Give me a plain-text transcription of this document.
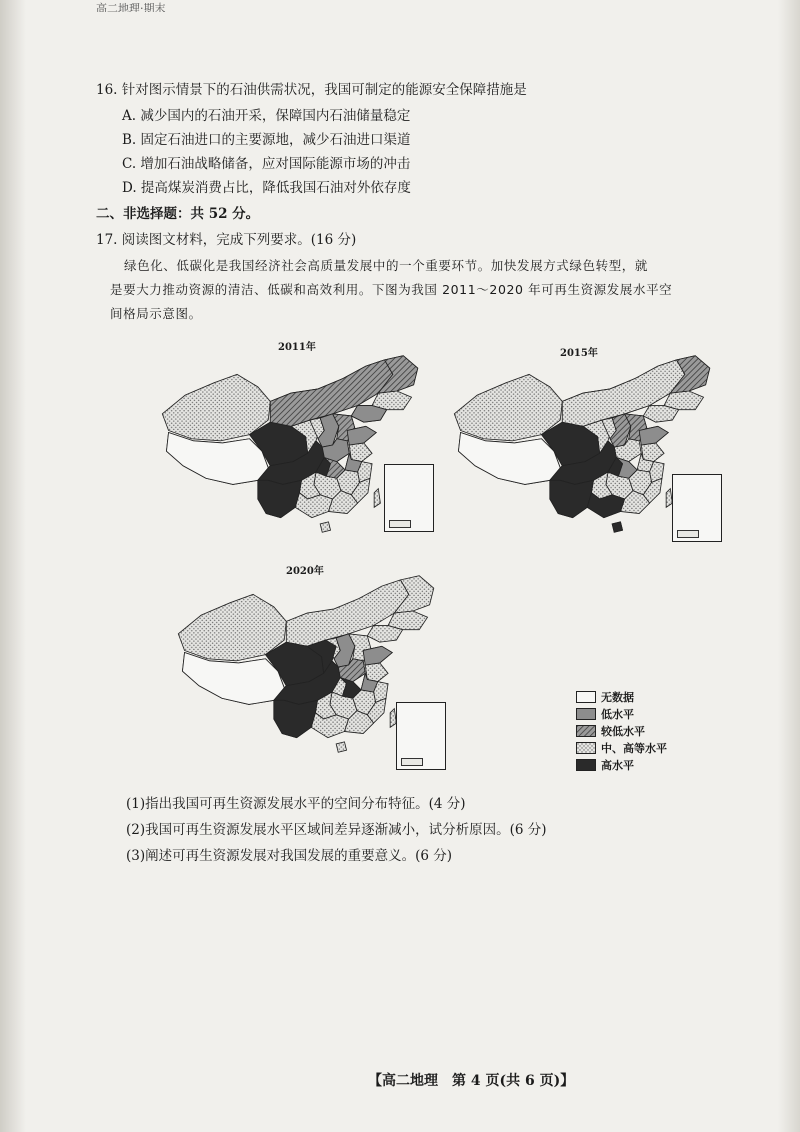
高二地理·期末
16. 针对图示情景下的石油供需状况，我国可制定的能源安全保障措施是
A. 减少国内的石油开采，保障国内石油储量稳定
B. 固定石油进口的主要源地，减少石油进口渠道
C. 增加石油战略储备，应对国际能源市场的冲击
D. 提高煤炭消费占比，降低我国石油对外依存度
二、非选择题：共 52 分。
17. 阅读图文材料，完成下列要求。(16 分)
绿色化、低碳化是我国经济社会高质量发展中的一个重要环节。加快发展方式绿色转型，就
是要大力推动资源的清洁、低碳和高效利用。下图为我国 2011～2020 年可再生资源发展水平空
间格局示意图。
2011年
2015年
2020年
无数据
低水平
较低水平
中、高等水平
高水平
(1)指出我国可再生资源发展水平的空间分布特征。(4 分)
(2)我国可再生资源发展水平区域间差异逐渐减小，试分析原因。(6 分)
(3)阐述可再生资源发展对我国发展的重要意义。(6 分)
【高二地理　第 4 页(共 6 页)】
